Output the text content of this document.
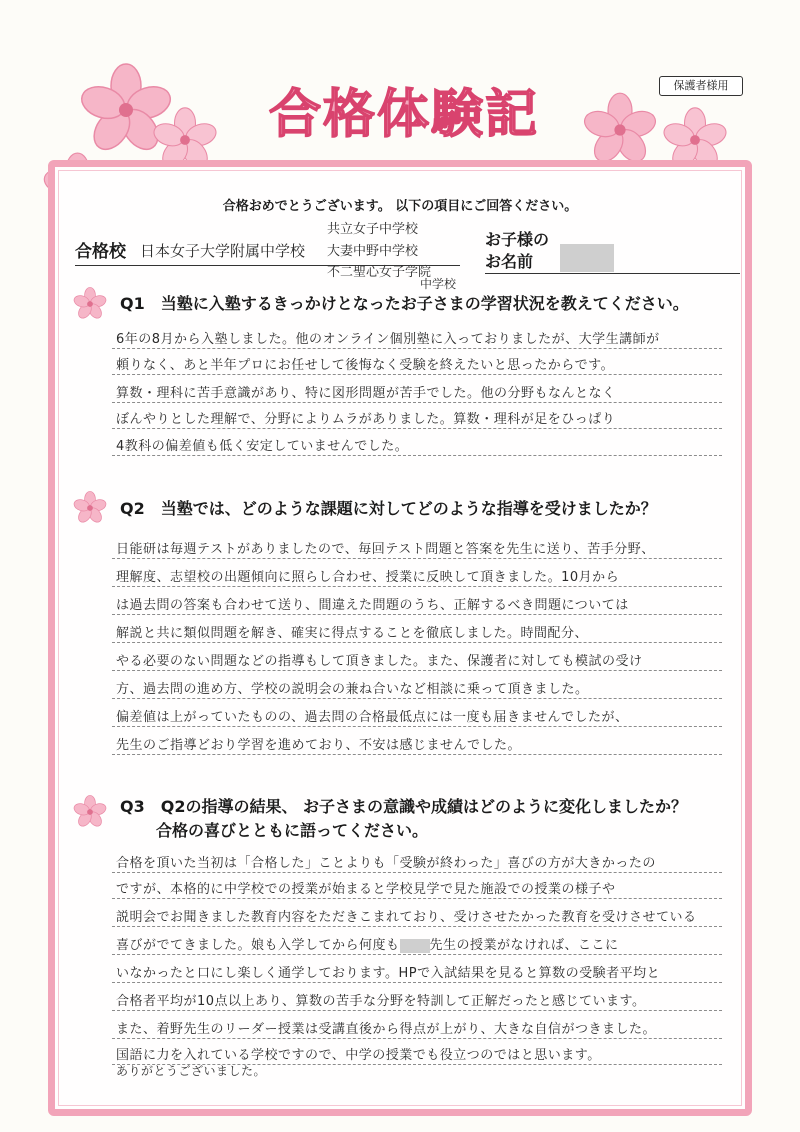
保護者様用
合格体験記
合格おめでとうございます。 以下の項目にご回答ください。
合格校 日本女子大学附属中学校
共立女子中学校
大妻中野中学校
不二聖心女子学院
中学校
お子様の
お名前
Q1　当塾に入塾するきっかけとなったお子さまの学習状況を教えてください。
6年の8月から入塾しました。他のオンライン個別塾に入っておりましたが、大学生講師が
頼りなく、あと半年プロにお任せして後悔なく受験を終えたいと思ったからです。
算数・理科に苦手意識があり、特に図形問題が苦手でした。他の分野もなんとなく
ぼんやりとした理解で、分野によりムラがありました。算数・理科が足をひっぱり
4教科の偏差値も低く安定していませんでした。
Q2　当塾では、どのような課題に対してどのような指導を受けましたか？
日能研は毎週テストがありましたので、毎回テスト問題と答案を先生に送り、苦手分野、
理解度、志望校の出題傾向に照らし合わせ、授業に反映して頂きました。10月から
は過去問の答案も合わせて送り、間違えた問題のうち、正解するべき問題については
解説と共に類似問題を解き、確実に得点することを徹底しました。時間配分、
やる必要のない問題などの指導もして頂きました。また、保護者に対しても模試の受け
方、過去問の進め方、学校の説明会の兼ね合いなど相談に乗って頂きました。
偏差値は上がっていたものの、過去問の合格最低点には一度も届きませんでしたが、
先生のご指導どおり学習を進めており、不安は感じませんでした。
Q3　Q2の指導の結果、 お子さまの意識や成績はどのように変化しましたか？
合格の喜びとともに語ってください。
合格を頂いた当初は「合格した」ことよりも「受験が終わった」喜びの方が大きかったの
ですが、本格的に中学校での授業が始まると学校見学で見た施設での授業の様子や
説明会でお聞きました教育内容をただきこまれており、受けさせたかった教育を受けさせている
喜びがでてきました。娘も入学してから何度も 先生の授業がなければ、ここに
いなかったと口にし楽しく通学しております。HPで入試結果を見ると算数の受験者平均と
合格者平均が10点以上あり、算数の苦手な分野を特訓して正解だったと感じています。
また、着野先生のリーダー授業は受講直後から得点が上がり、大きな自信がつきました。
国語に力を入れている学校ですので、中学の授業でも役立つのではと思います。
ありがとうございました。
